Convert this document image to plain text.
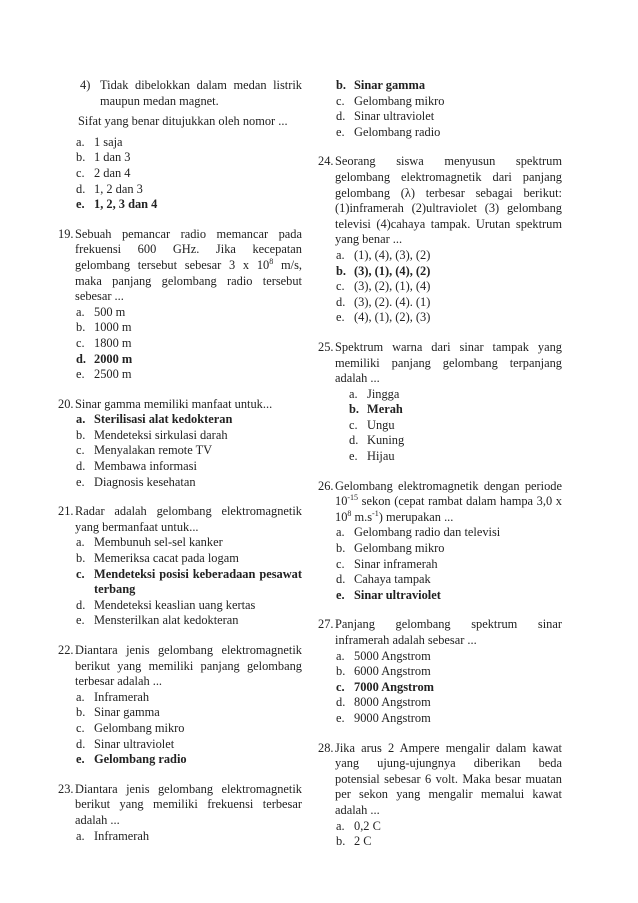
4) Tidak dibelokkan dalam medan listrik maupun medan magnet.
Sifat yang benar ditujukkan oleh nomor ...
a. 1 saja
b. 1 dan 3
c. 2 dan 4
d. 1, 2 dan 3
e. 1, 2, 3 dan 4
19. Sebuah pemancar radio memancar pada frekuensi 600 GHz. Jika kecepatan gelombang tersebut sebesar 3 x $10^8$ m/s, maka panjang gelombang radio tersebut sebesar ...
a. 500 m
b. 1000 m
c. 1800 m
d. 2000 m
e. 2500 m
20. Sinar gamma memiliki manfaat untuk...
a. Sterilisasi alat kedokteran
b. Mendeteksi sirkulasi darah
c. Menyalakan remote TV
d. Membawa informasi
e. Diagnosis kesehatan
21. Radar adalah gelombang elektromagnetik yang bermanfaat untuk...
a. Membunuh sel-sel kanker
b. Memeriksa cacat pada logam
c. Mendeteksi posisi keberadaan pesawat terbang
d. Mendeteksi keaslian uang kertas
e. Mensterilkan alat kedokteran
22. Diantara jenis gelombang elektromagnetik berikut yang memiliki panjang gelombang terbesar adalah ...
a. Inframerah
b. Sinar gamma
c. Gelombang mikro
d. Sinar ultraviolet
e. Gelombang radio
23. Diantara jenis gelombang elektromagnetik berikut yang memiliki frekuensi terbesar adalah ...
a. Inframerah
b. Sinar gamma
c. Gelombang mikro
d. Sinar ultraviolet
e. Gelombang radio
24. Seorang siswa menyusun spektrum gelombang elektromagnetik dari panjang gelombang (λ) terbesar sebagai berikut: (1)inframerah (2)ultraviolet (3) gelombang televisi (4)cahaya tampak. Urutan spektrum yang benar ...
a. (1), (4), (3), (2)
b. (3), (1), (4), (2)
c. (3), (2), (1), (4)
d. (3), (2). (4). (1)
e. (4), (1), (2), (3)
25. Spektrum warna dari sinar tampak yang memiliki panjang gelombang terpanjang adalah ...
a. Jingga
b. Merah
c. Ungu
d. Kuning
e. Hijau
26. Gelombang elektromagnetik dengan periode $10^{-15}$ sekon (cepat rambat dalam hampa 3,0 x $10^8$ $m.s^{-1}$) merupakan ...
a. Gelombang radio dan televisi
b. Gelombang mikro
c. Sinar inframerah
d. Cahaya tampak
e. Sinar ultraviolet
27. Panjang gelombang spektrum sinar inframerah adalah sebesar ...
a. 5000 Angstrom
b. 6000 Angstrom
c. 7000 Angstrom
d. 8000 Angstrom
e. 9000 Angstrom
28. Jika arus 2 Ampere mengalir dalam kawat yang ujung-ujungnya diberikan beda potensial sebesar 6 volt. Maka besar muatan per sekon yang mengalir memalui kawat adalah ...
a. 0,2 C
b. 2 C
